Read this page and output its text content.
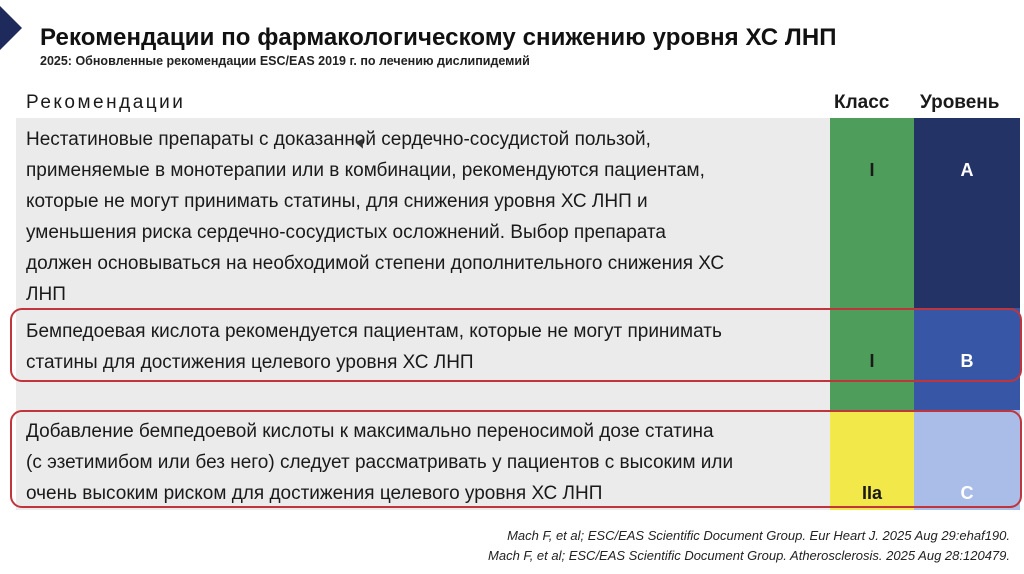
Рекомендации по фармакологическому снижению уровня ХС ЛНП
2025: Обновленные рекомендации ESC/EAS 2019 г. по лечению дислипидемий
Рекомендации	Класс Уровень
Нестатиновые препараты с доказанной сердечно-сосудистой пользой,
применяемые в монотерапии или в комбинации, рекомендуются пациентам,
которые не могут принимать статины, для снижения уровня ХС ЛНП и
уменьшения риска сердечно-сосудистых осложнений. Выбор препарата
должен основываться на необходимой степени дополнительного снижения ХС
ЛНП
I	A
Бемпедоевая кислота рекомендуется пациентам, которые не могут принимать
статины для достижения целевого уровня ХС ЛНП	I	B
Добавление бемпедоевой кислоты к максимально переносимой дозе статина
(с эзетимибом или без него) следует рассматривать у пациентов с высоким или
очень высоким риском для достижения целевого уровня ХС ЛНП	IIa	C
Mach F, et al; ESC/EAS Scientific Document Group. Eur Heart J. 2025 Aug 29:ehaf190.
Mach F, et al; ESC/EAS Scientific Document Group. Atherosclerosis. 2025 Aug 28:120479.
